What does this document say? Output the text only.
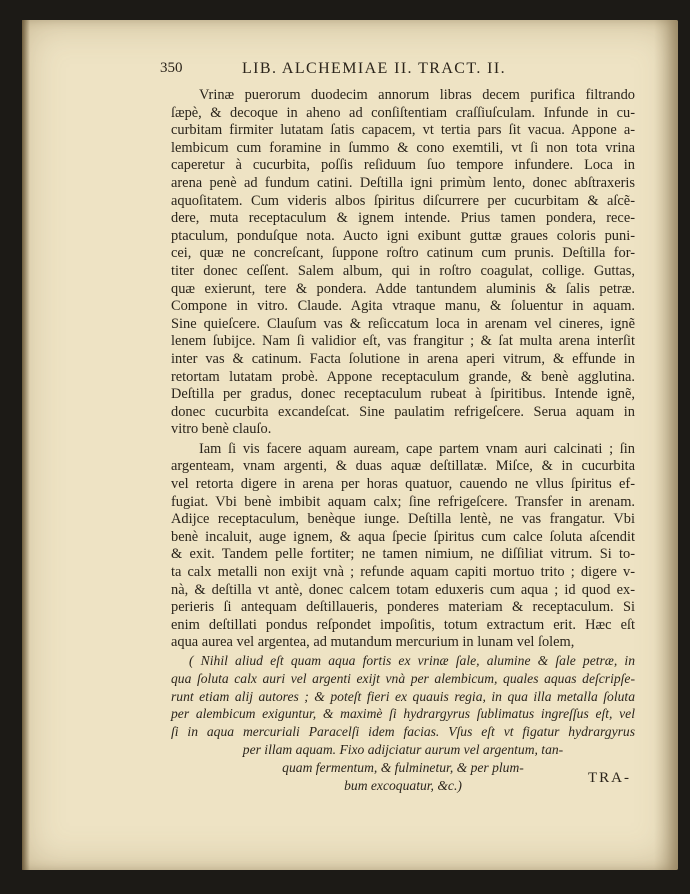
350	LIB. ALCHEMIAE II. TRACT. II.
Vrinæ puerorum duodecim annorum libras decem purifica filtrando
ſæpè, & decoque in aheno ad conſiſtentiam craſſiuſculam. Infunde in cu-
curbitam firmiter lutatam ſatis capacem, vt tertia pars ſit vacua. Appone a-
lembicum cum foramine in ſummo & cono exemtili, vt ſi non tota vrina
caperetur à cucurbita, poſſis reſiduum ſuo tempore infundere. Loca in
arena penè ad fundum catini. Deſtilla igni primùm lento, donec abſtraxeris
aquoſitatem. Cum videris albos ſpiritus diſcurrere per cucurbitam & aſcẽ-
dere, muta receptaculum & ignem intende. Prius tamen pondera, rece-
ptaculum, ponduſque nota. Aucto igni exibunt guttæ graues coloris puni-
cei, quæ ne concreſcant, ſuppone roſtro catinum cum prunis. Deſtilla for-
titer donec ceſſent. Salem album, qui in roſtro coagulat, collige. Guttas,
quæ exierunt, tere & pondera. Adde tantundem aluminis & ſalis petræ.
Compone in vitro. Claude. Agita vtraque manu, & ſoluentur in aquam.
Sine quieſcere. Clauſum vas & reſiccatum loca in arenam vel cineres, ignẽ
lenem ſubijce. Nam ſi validior eſt, vas frangitur ; & ſat multa arena interſit
inter vas & catinum. Facta ſolutione in arena aperi vitrum, & effunde in
retortam lutatam probè. Appone receptaculum grande, & benè agglutina.
Deſtilla per gradus, donec receptaculum rubeat à ſpiritibus. Intende ignẽ,
donec cucurbita excandeſcat. Sine paulatim refrigeſcere. Serua aquam in
vitro benè clauſo.
Iam ſi vis facere aquam auream, cape partem vnam auri calcinati ; ſin
argenteam, vnam argenti, & duas aquæ deſtillatæ. Miſce, & in cucurbita
vel retorta digere in arena per horas quatuor, cauendo ne vllus ſpiritus ef-
fugiat. Vbi benè imbibit aquam calx; ſine refrigeſcere. Transfer in arenam.
Adijce receptaculum, benèque iunge. Deſtilla lentè, ne vas frangatur. Vbi
benè incaluit, auge ignem, & aqua ſpecie ſpiritus cum calce ſoluta aſcendit
& exit. Tandem pelle fortiter; ne tamen nimium, ne diſſiliat vitrum. Si to-
ta calx metalli non exijt vnà ; refunde aquam capiti mortuo trito ; digere v-
nà, & deſtilla vt antè, donec calcem totam eduxeris cum aqua ; id quod ex-
perieris ſi antequam deſtillaueris, ponderes materiam & receptaculum. Si
enim deſtillati pondus reſpondet impoſitis, totum extractum erit. Hæc eſt
aqua aurea vel argentea, ad mutandum mercurium in lunam vel ſolem,
( Nihil aliud eſt quam aqua fortis ex vrinæ ſale, alumine & ſale petræ, in
qua ſoluta calx auri vel argenti exijt vnà per alembicum, quales aquas deſcripſe-
runt etiam alij autores ; & poteſt fieri ex quauis regia, in qua illa metalla ſoluta
per alembicum exiguntur, & maximè ſi hydrargyrus ſublimatus ingreſſus eſt, vel
ſi in aqua mercuriali Paracelſi idem facias. Vſus eſt vt figatur hydrargyrus
per illam aquam. Fixo adijciatur aurum vel argentum, tan-
quam fermentum, & fulminetur, & per plum-
bum excoquatur, &c.)	TRA-
